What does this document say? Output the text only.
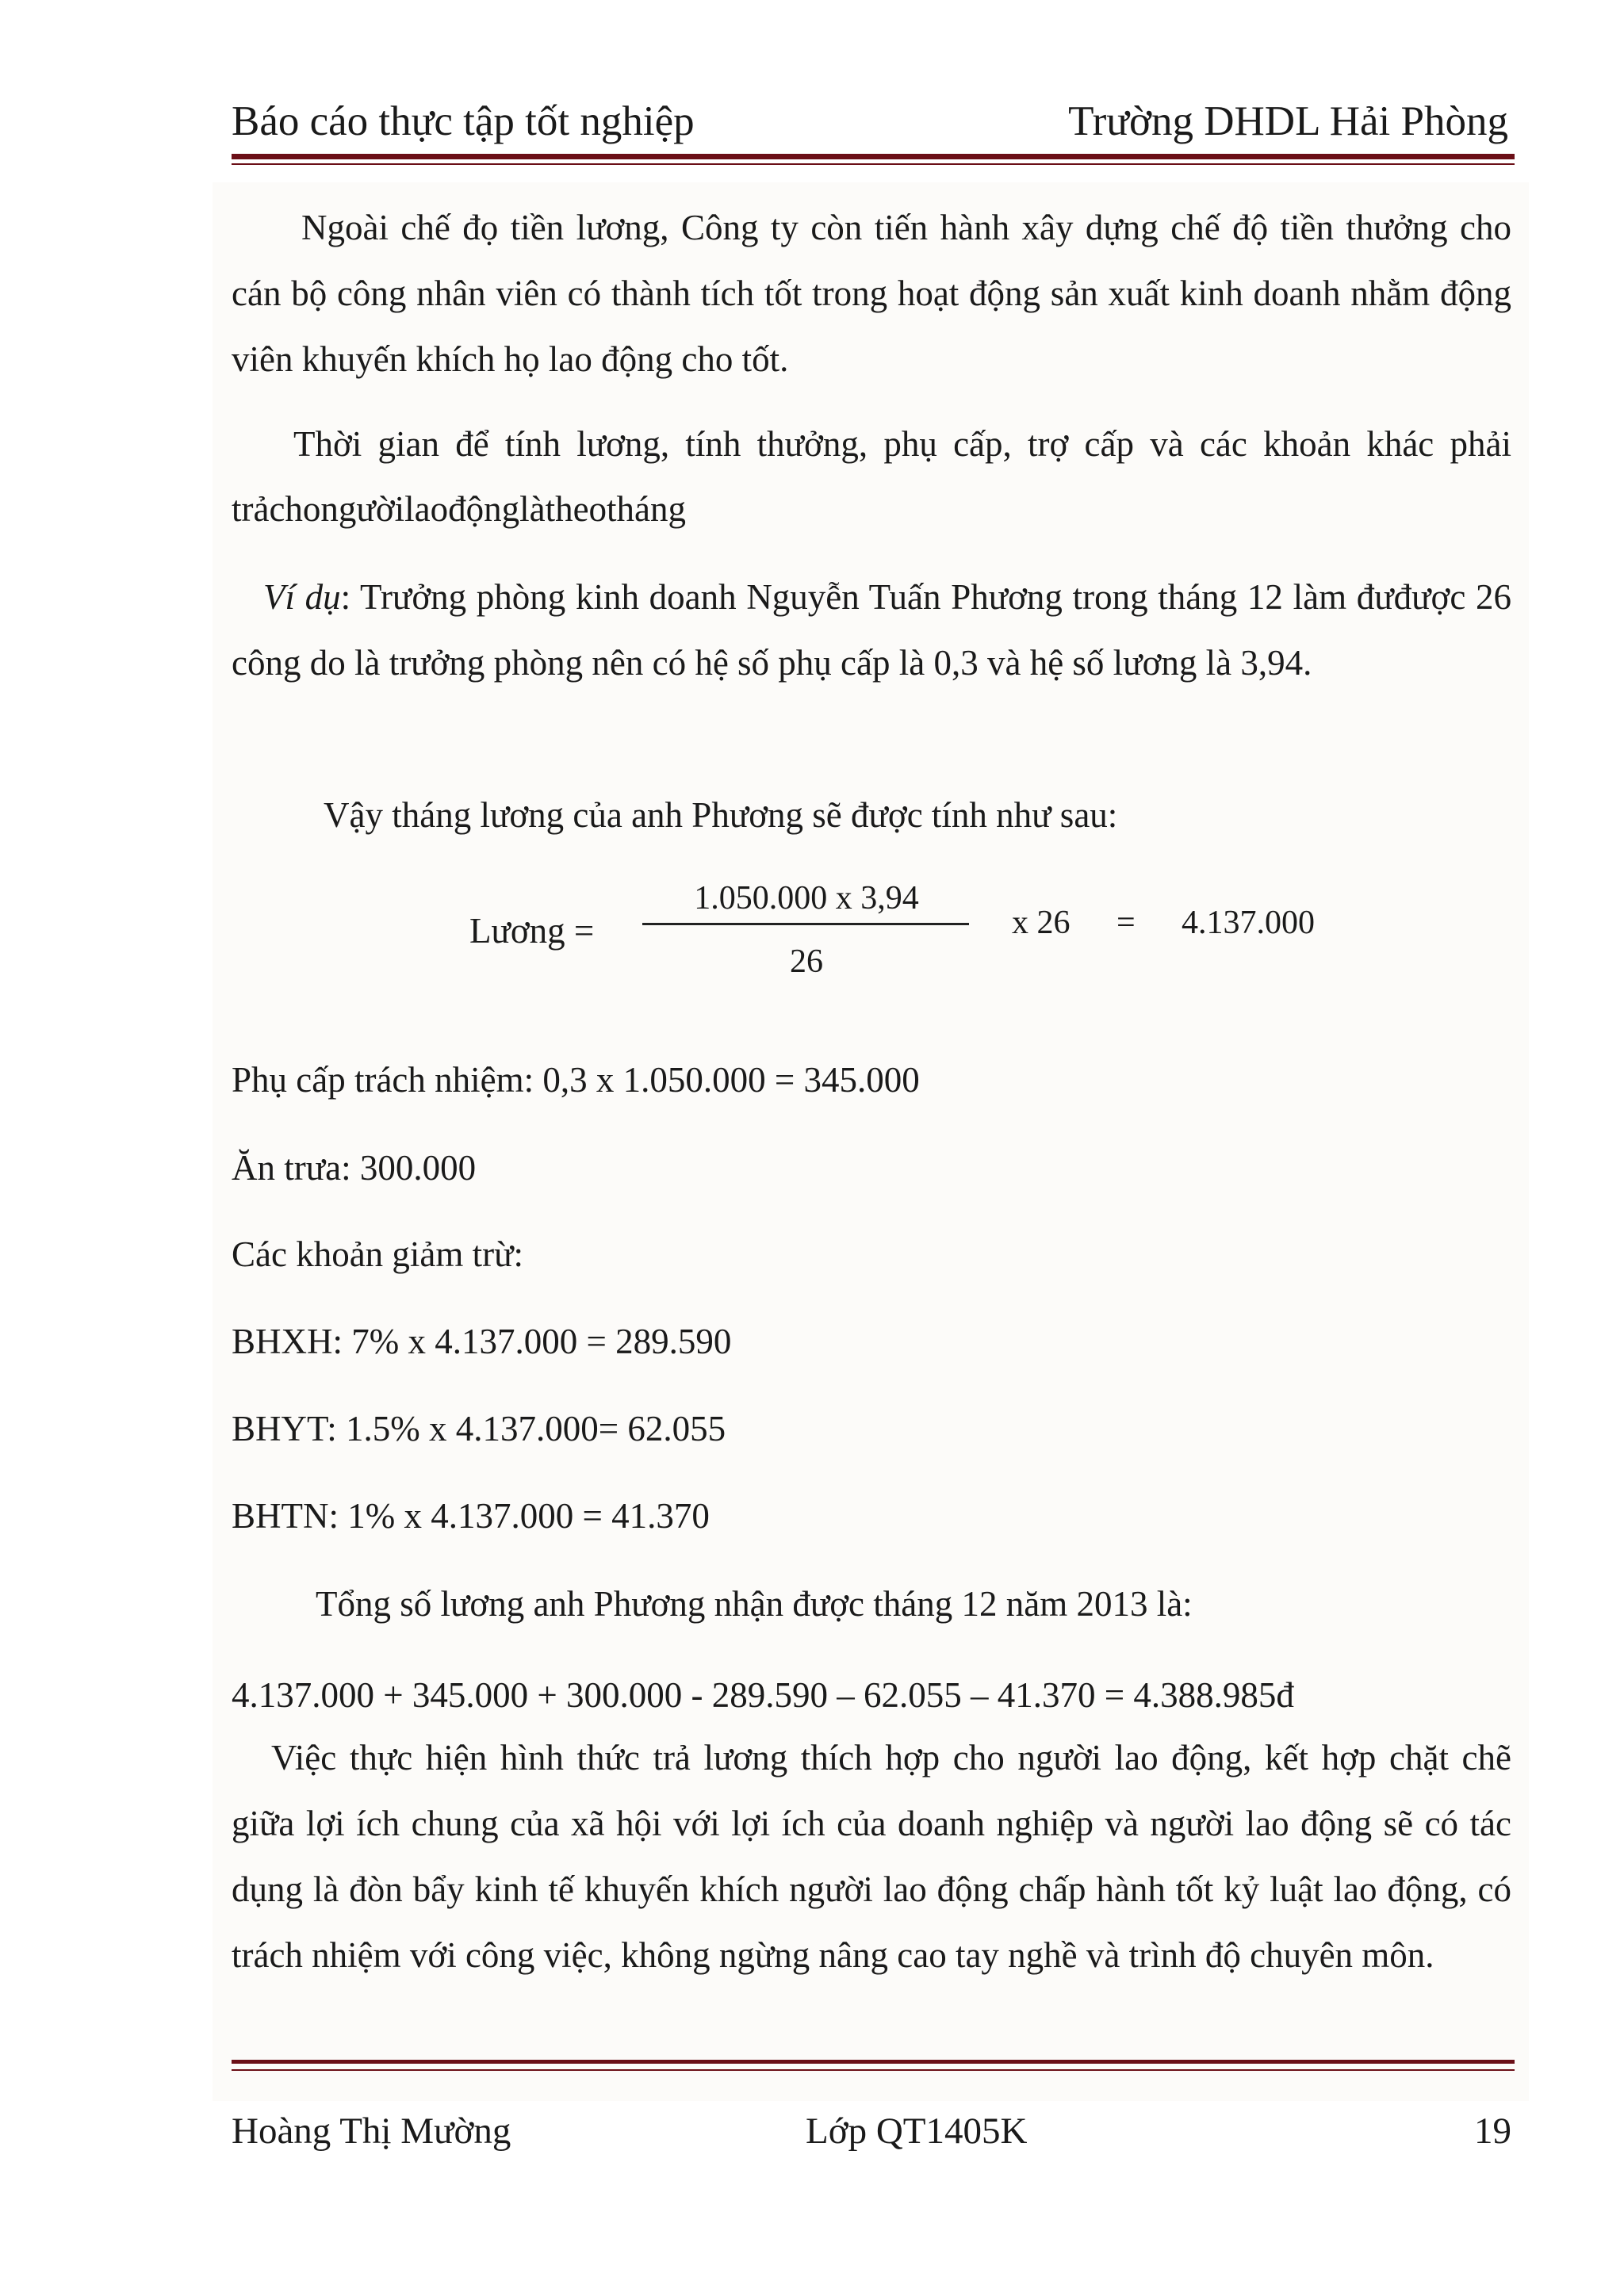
Báo cáo thực tập tốt nghiệp	Trường DHDL Hải Phòng
Ngoài chế đọ tiền lương, Công ty còn tiến hành xây dựng chế độ tiền thưởng cho cán bộ công nhân viên có thành tích tốt trong hoạt động sản xuất kinh doanh nhằm động viên khuyến khích họ lao động cho tốt.
Thời gian để tính lương, tính thưởng, phụ cấp, trợ cấp và các khoản khác phải
trảchongườilaođộnglàtheotháng
Ví dụ: Trưởng phòng kinh doanh Nguyễn Tuấn Phương trong tháng 12 làm đưđược 26 công do là trưởng phòng nên có hệ số phụ cấp là 0,3 và hệ số lương là 3,94.
Vậy tháng lương của anh Phương sẽ được tính như sau:
Lương =
1.050.000 x 3,94
26
x 26 = 4.137.000
Phụ cấp trách nhiệm: 0,3 x 1.050.000 = 345.000
Ăn trưa: 300.000
Các khoản giảm trừ:
BHXH: 7% x 4.137.000 = 289.590
BHYT: 1.5% x 4.137.000= 62.055
BHTN: 1% x 4.137.000 = 41.370
Tổng số lương anh Phương nhận được tháng 12 năm 2013 là:
4.137.000 + 345.000 + 300.000 - 289.590 – 62.055 – 41.370 = 4.388.985đ
Việc thực hiện hình thức trả lương thích hợp cho người lao động, kết hợp chặt chẽ giữa lợi ích chung của xã hội với lợi ích của doanh nghiệp và người lao động sẽ có tác dụng là đòn bẩy kinh tế khuyến khích người lao động chấp hành tốt kỷ luật lao động, có trách nhiệm với công việc, không ngừng nâng cao tay nghề và trình độ chuyên môn.
Hoàng Thị Mường	Lớp QT1405K	19
